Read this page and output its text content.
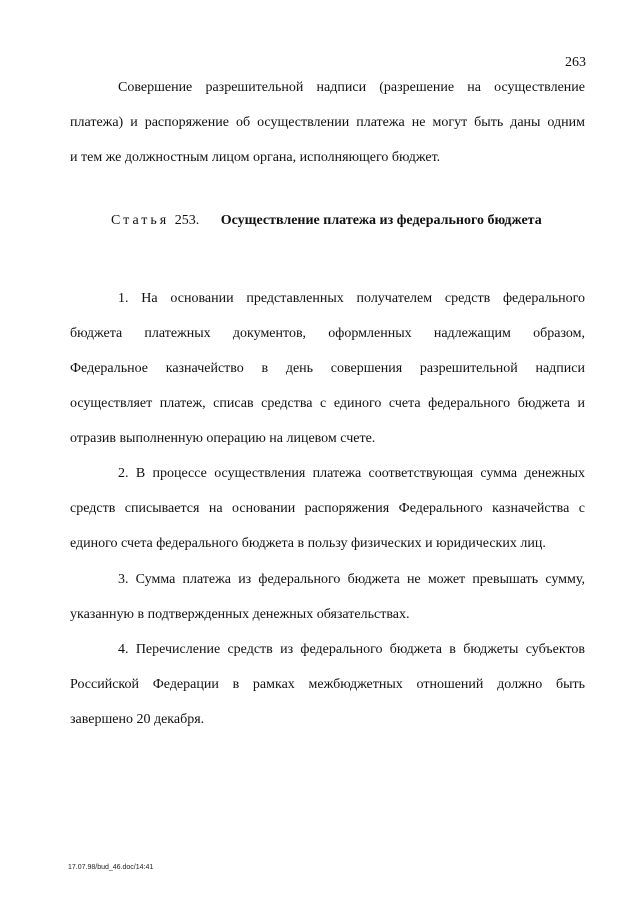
263
Совершение разрешительной надписи (разрешение на осуществление
платежа) и распоряжение об осуществлении платежа не могут быть даны одним
и тем же должностным лицом органа, исполняющего бюджет.
Статья 253. Осуществление платежа из федерального бюджета
1. На основании представленных получателем средств федерального
бюджета платежных документов, оформленных надлежащим образом,
Федеральное казначейство в день совершения разрешительной надписи
осуществляет платеж, списав средства с единого счета федерального бюджета и
отразив выполненную операцию на лицевом счете.
2. В процессе осуществления платежа соответствующая сумма денежных
средств списывается на основании распоряжения Федерального казначейства с
единого счета федерального бюджета в пользу физических и юридических лиц.
3. Сумма платежа из федерального бюджета не может превышать сумму,
указанную в подтвержденных денежных обязательствах.
4. Перечисление средств из федерального бюджета в бюджеты субъектов
Российской Федерации в рамках межбюджетных отношений должно быть
завершено 20 декабря.
17.07.98/bud_46.doc/14:41
